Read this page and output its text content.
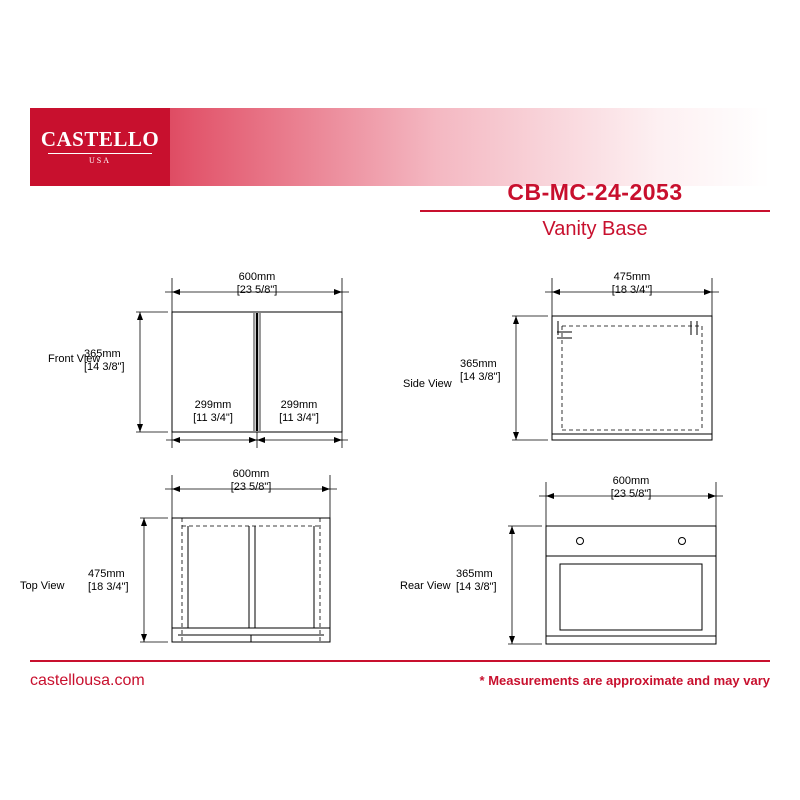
CASTELLO
USA
CB-MC-24-2053
Vanity Base
600mm
[23 5/8"]
365mm
[14 3/8"]
299mm
[11 3/4"]
299mm
[11 3/4"]
Front View
475mm
[18 3/4"]
365mm
[14 3/8"]
Side View
600mm
[23 5/8"]
475mm
[18 3/4"]
Top View
600mm
[23 5/8"]
365mm
[14 3/8"]
Rear View
castellousa.com	* Measurements are approximate and may vary
